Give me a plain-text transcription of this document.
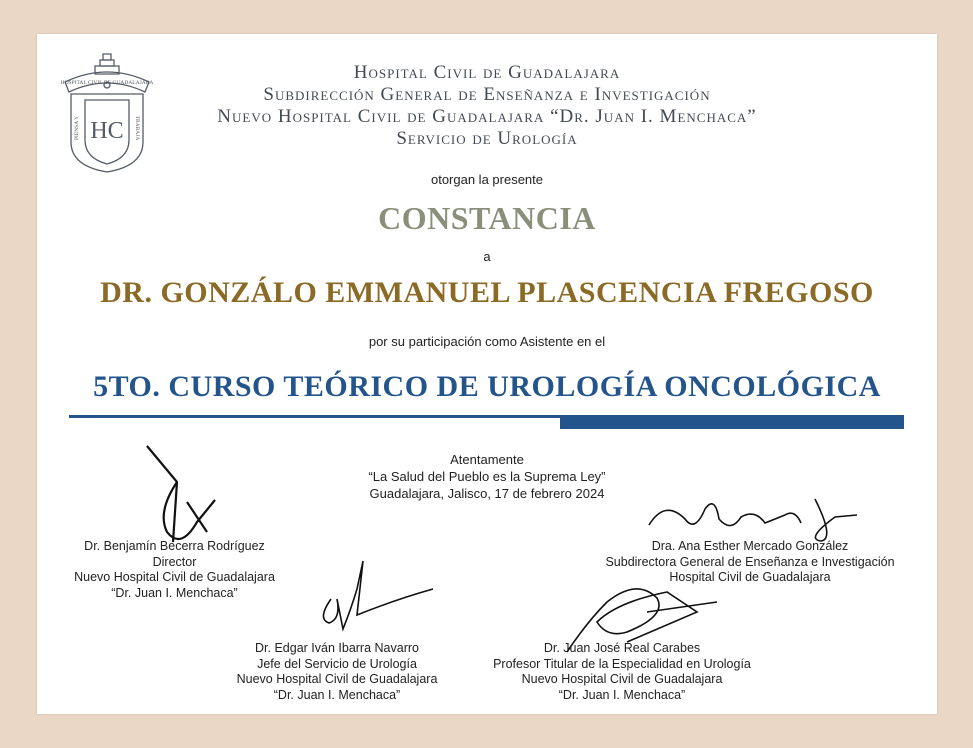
HOSPITAL CIVIL DE GUADALAJARA
HC
PIENSA Y	TRABAJA
Hospital Civil de Guadalajara
Subdirección General de Enseñanza e Investigación
Nuevo Hospital Civil de Guadalajara “Dr. Juan I. Menchaca”
Servicio de Urología
otorgan la presente
CONSTANCIA
a
DR. GONZÁLO EMMANUEL PLASCENCIA FREGOSO
por su participación como Asistente en el
5TO. CURSO TEÓRICO DE UROLOGÍA ONCOLÓGICA
Atentamente
“La Salud del Pueblo es la Suprema Ley”
Guadalajara, Jalisco, 17 de febrero 2024
Dr. Benjamín Becerra Rodríguez
Director
Nuevo Hospital Civil de Guadalajara
“Dr. Juan I. Menchaca”
Dra. Ana Esther Mercado González
Subdirectora General de Enseñanza e Investigación
Hospital Civil de Guadalajara
Dr. Edgar Iván Ibarra Navarro
Jefe del Servicio de Urología
Nuevo Hospital Civil de Guadalajara
“Dr. Juan I. Menchaca”
Dr. Juan José Real Carabes
Profesor Titular de la Especialidad en Urología
Nuevo Hospital Civil de Guadalajara
“Dr. Juan I. Menchaca”
